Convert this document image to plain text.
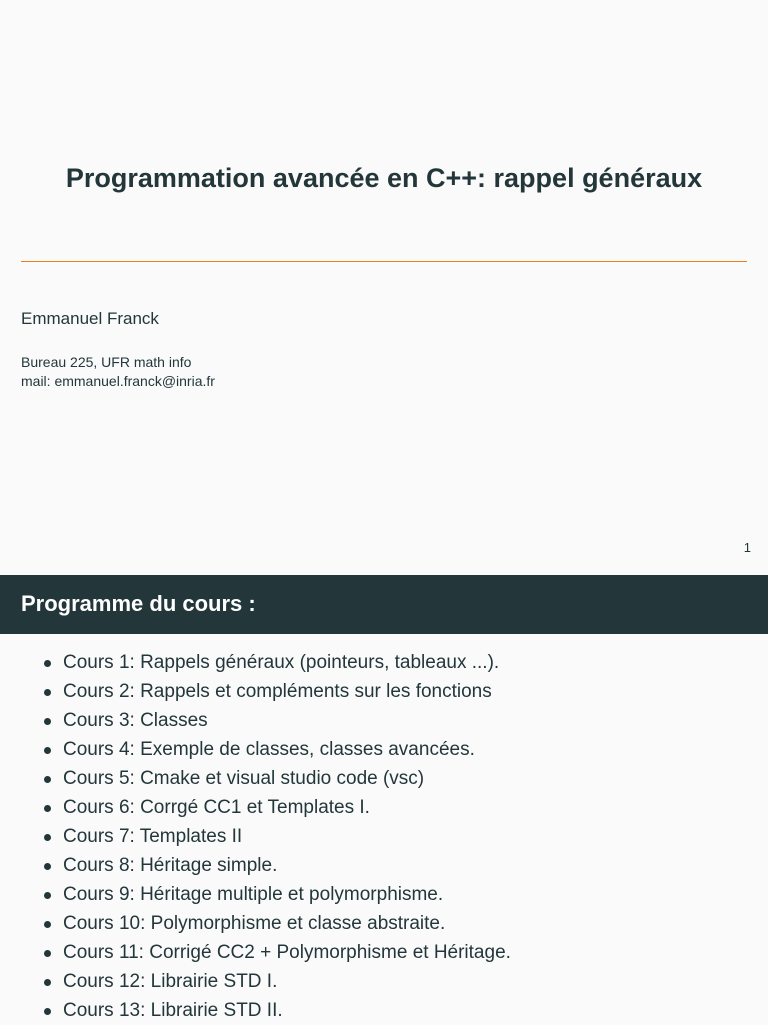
Programmation avancée en C++: rappel généraux
Emmanuel Franck
Bureau 225, UFR math info
mail: emmanuel.franck@inria.fr
1
Programme du cours :
Cours 1: Rappels généraux (pointeurs, tableaux ...).
Cours 2: Rappels et compléments sur les fonctions
Cours 3: Classes
Cours 4: Exemple de classes, classes avancées.
Cours 5: Cmake et visual studio code (vsc)
Cours 6: Corrgé CC1 et Templates I.
Cours 7: Templates II
Cours 8: Héritage simple.
Cours 9: Héritage multiple et polymorphisme.
Cours 10: Polymorphisme et classe abstraite.
Cours 11: Corrigé CC2 + Polymorphisme et Héritage.
Cours 12: Librairie STD I.
Cours 13: Librairie STD II.
